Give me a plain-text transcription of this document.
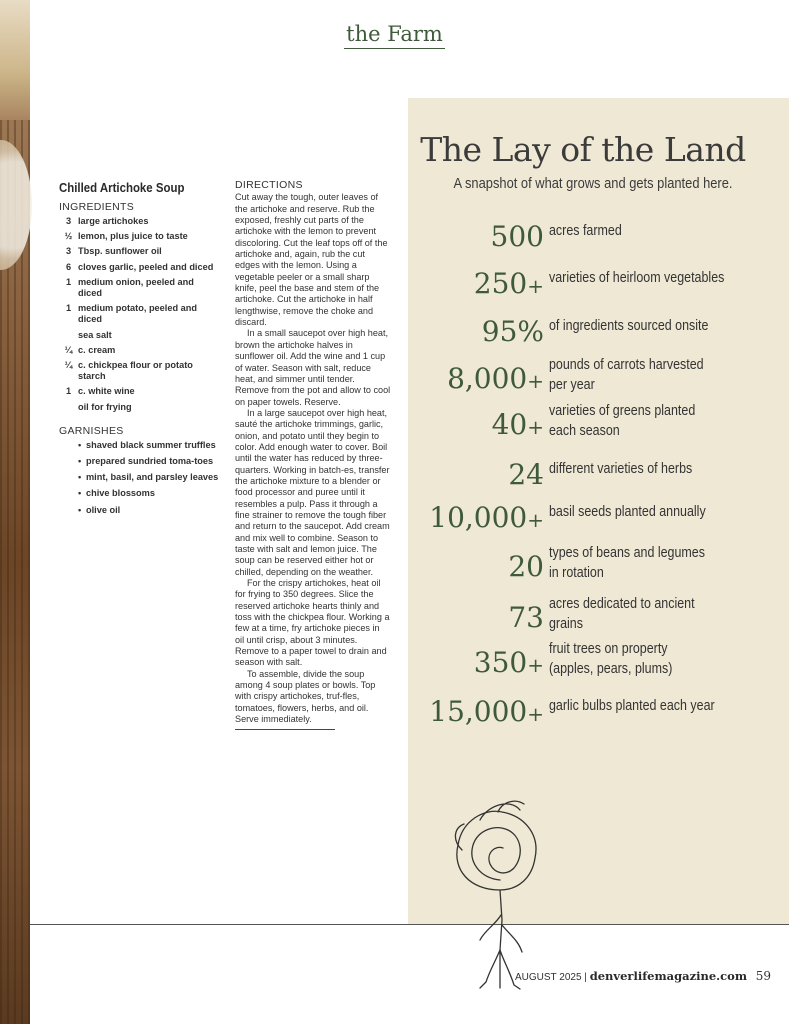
the Farm
Chilled Artichoke Soup
INGREDIENTS
3 large artichokes
½ lemon, plus juice to taste
3 Tbsp. sunflower oil
6 cloves garlic, peeled and diced
1 medium onion, peeled and diced
1 medium potato, peeled and diced
sea salt
¼ c. cream
¼ c. chickpea flour or potato starch
1 c. white wine
oil for frying
GARNISHES
• shaved black summer truffles
• prepared sundried toma-toes
• mint, basil, and parsley leaves
• chive blossoms
• olive oil
DIRECTIONS

Cut away the tough, outer leaves of the artichoke and reserve. Rub the exposed, freshly cut parts of the artichoke with the lemon to prevent discoloring. Cut the leaf tops off of the artichoke and, again, rub the cut edges with the lemon. Using a vegetable peeler or a small sharp knife, peel the base and stem of the artichoke. Cut the artichoke in half lengthwise, remove the choke and discard.

In a small saucepot over high heat, brown the artichoke halves in sunflower oil. Add the wine and 1 cup of water. Season with salt, reduce heat, and simmer until tender. Remove from the pot and allow to cool on paper towels. Reserve.

In a large saucepot over high heat, sauté the artichoke trimmings, garlic, onion, and potato until they begin to color. Add enough water to cover. Boil until the water has reduced by three-quarters. Working in batch-es, transfer the artichoke mixture to a blender or food processor and puree until it resembles a pulp. Pass it through a fine strainer to remove the tough fiber and return to the saucepot. Add cream and mix well to combine. Season to taste with salt and lemon juice. The soup can be reserved either hot or chilled, depending on the weather.

For the crispy artichokes, heat oil for frying to 350 degrees. Slice the reserved artichoke hearts thinly and toss with the chickpea flour. Working a few at a time, fry artichoke pieces in oil until crisp, about 3 minutes. Remove to a paper towel to drain and season with salt.

To assemble, divide the soup among 4 soup plates or bowls. Top with crispy artichokes, truf-fles, tomatoes, flowers, herbs, and oil. Serve immediately.

The Lay of the Land
A snapshot of what grows and gets planted here.
500 acres farmed
250+ varieties of heirloom vegetables
95% of ingredients sourced onsite
8,000+
pounds of carrots harvested per year
40+
varieties of greens planted each season
24 different varieties of herbs
10,000+ basil seeds planted annually
20 types of beans and legumes in rotation
73 acres dedicated to ancient grains
350+
fruit trees on property (apples, pears, plums)
15,000+ garlic bulbs planted each year
AUGUST 2025 | denverlifemagazine.com 59
